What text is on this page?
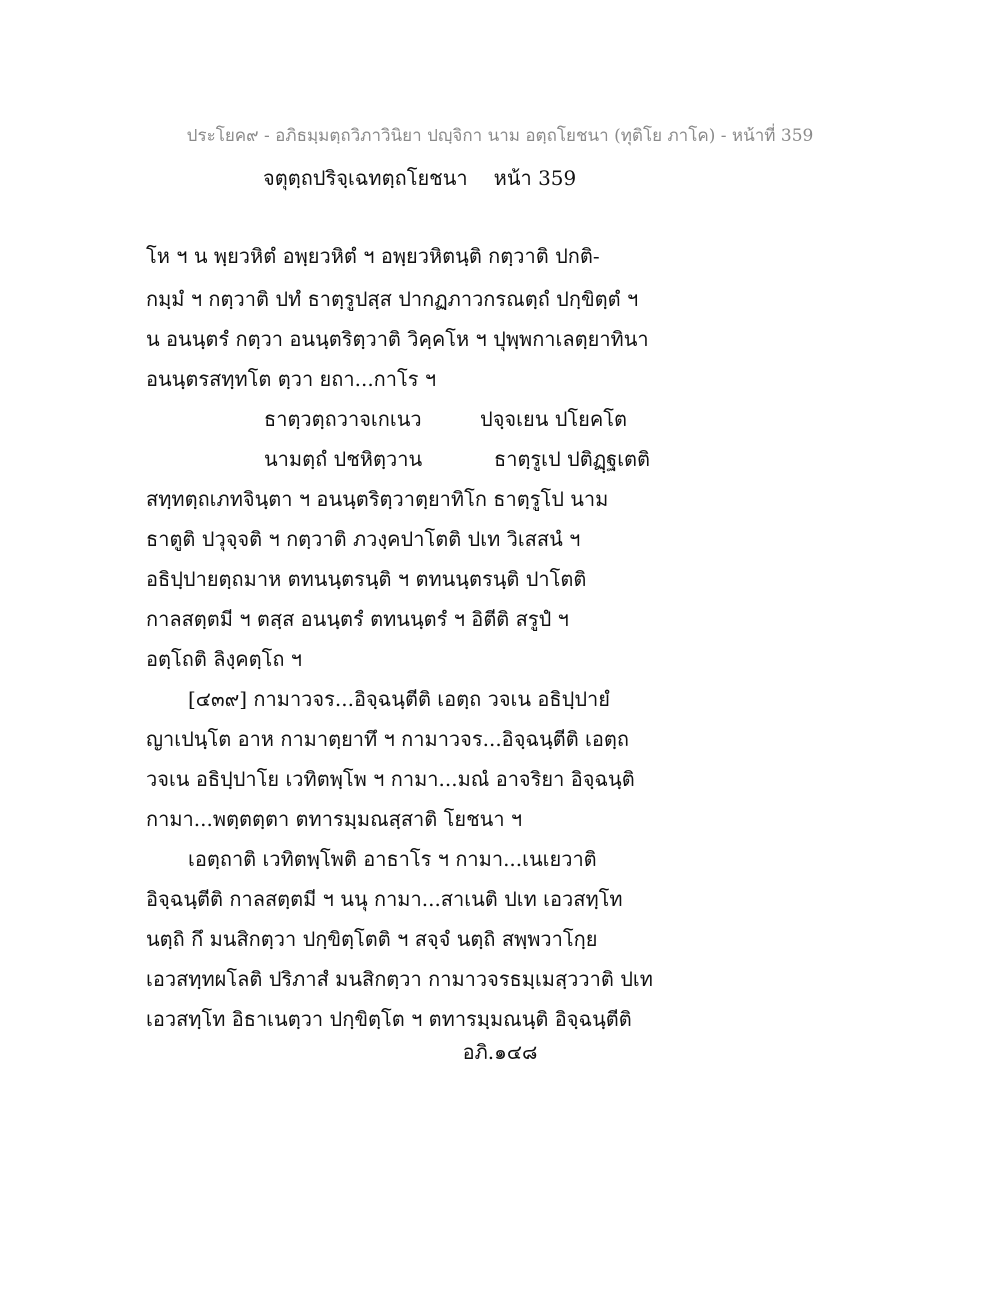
ประโยค๙ - อภิธมฺมตฺถวิภาวินิยา ปญฺจิกา นาม อตฺถโยชนา (ทุติโย ภาโค) - หน้าที่ 359
จตุตฺถปริจฺเฉทตฺถโยชนา หน้า 359
โห ฯ น พฺยวหิตํ อพฺยวหิตํ ฯ อพฺยวหิตนฺติ กตฺวาติ ปกติ-
กมฺมํ ฯ กตฺวาติ ปทํ ธาตฺรูปสฺส ปากฏภาวกรณตฺถํ ปกฺขิตฺตํ ฯ
น อนนฺตรํ กตฺวา อนนฺตริตฺวาติ วิคฺคโห ฯ ปุพฺพกาเลตฺยาทินา
อนนฺตรสทฺทโต ตฺวา ยถา...กาโร ฯ
ธาตฺวตฺถวาจเกเนว	ปจฺจเยน ปโยคโต
นามตฺถํ ปชหิตฺวาน	ธาตฺรูเป ปติฏฺฐเตติ
สทฺทตฺถเภทจินฺตา ฯ อนนฺตริตฺวาตฺยาทิโก ธาตฺรูโป นาม
ธาตูติ ปวุจฺจติ ฯ กตฺวาติ ภวงฺคปาโตติ ปเท วิเสสนํ ฯ
อธิปฺปายตฺถมาห ตทนนฺตรนฺติ ฯ ตทนนฺตรนฺติ ปาโตติ
กาลสตฺตมี ฯ ตสฺส อนนฺตรํ ตทนนฺตรํ ฯ อิตีติ สรูปํ ฯ
อตฺโถติ ลิงฺคตฺโถ ฯ
[๔๓๙] กามาวจร...อิจฺฉนฺตีติ เอตฺถ วจเน อธิปฺปายํ
ญาเปนฺโต อาห กามาตฺยาทึ ฯ กามาวจร...อิจฺฉนฺตีติ เอตฺถ
วจเน อธิปฺปาโย เวทิตพฺโพ ฯ กามา...มณํ อาจริยา อิจฺฉนฺติ
กามา...พตฺตตฺตา ตทารมฺมณสฺสาติ โยชนา ฯ
เอตฺถาติ เวทิตพฺโพติ อาธาโร ฯ กามา...เนเยวาติ
อิจฺฉนฺตีติ กาลสตฺตมี ฯ นนุ กามา...สาเนติ ปเท เอวสทฺโท
นตฺถิ กึ มนสิกตฺวา ปกฺขิตฺโตติ ฯ สจฺจํ นตฺถิ สพฺพวาโกฺย
เอวสทฺทผโลติ ปริภาสํ มนสิกตฺวา กามาวจรธมฺเมสฺววาติ ปเท
เอวสทฺโท อิธาเนตฺวา ปกฺขิตฺโต ฯ ตทารมฺมณนฺติ อิจฺฉนฺตีติ
อภิ.๑๔๘
